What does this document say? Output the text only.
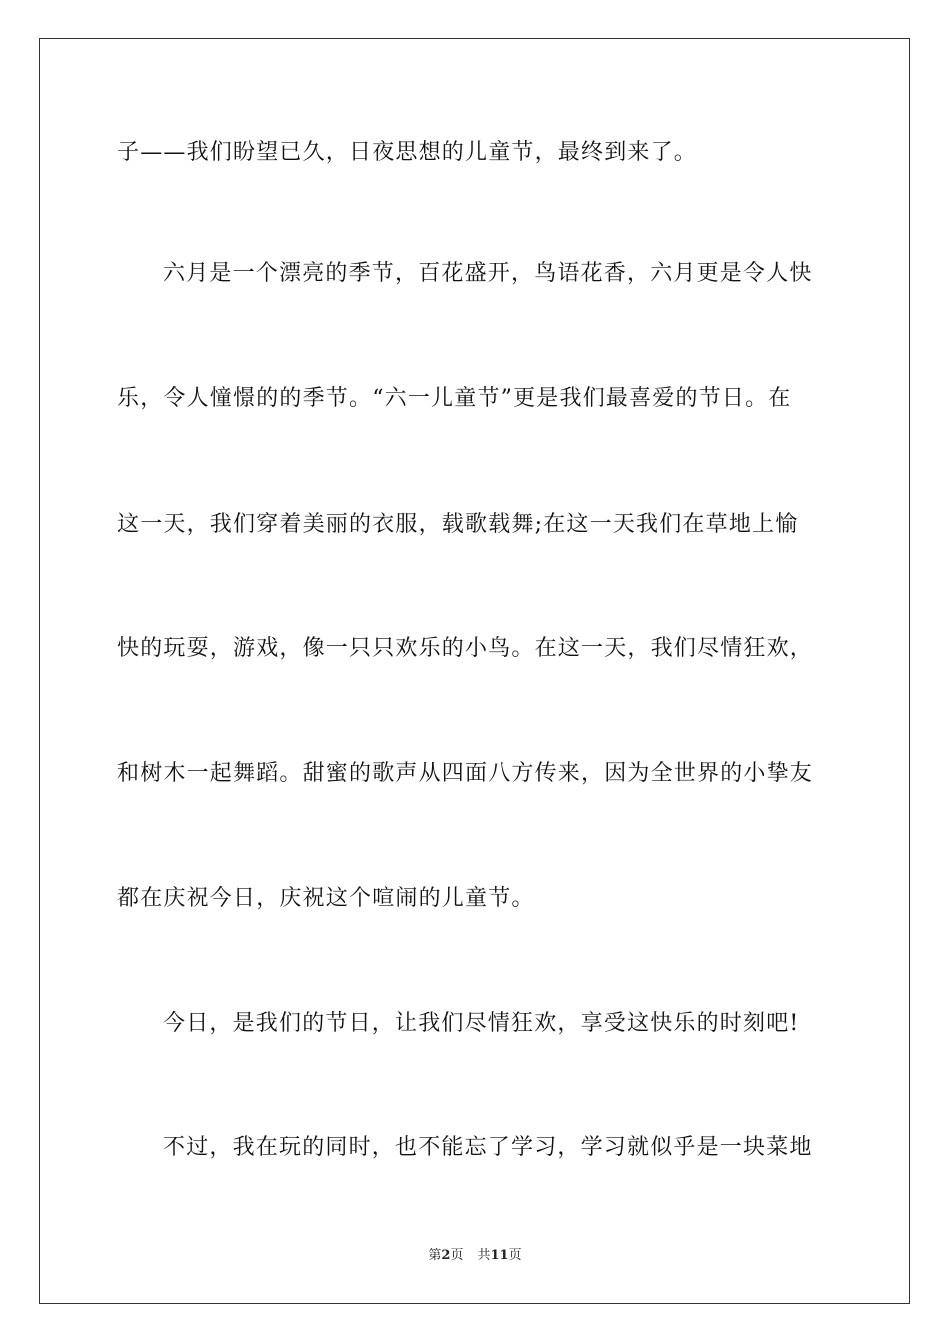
子——我们盼望已久，日夜思想的儿童节，最终到来了。
六月是一个漂亮的季节，百花盛开，鸟语花香，六月更是令人快
乐，令人憧憬的的季节。“六一儿童节”更是我们最喜爱的节日。在
这一天，我们穿着美丽的衣服，载歌载舞;在这一天我们在草地上愉
快的玩耍，游戏，像一只只欢乐的小鸟。在这一天，我们尽情狂欢，
和树木一起舞蹈。甜蜜的歌声从四面八方传来，因为全世界的小挚友
都在庆祝今日，庆祝这个喧闹的儿童节。
今日，是我们的节日，让我们尽情狂欢，享受这快乐的时刻吧!
不过，我在玩的同时，也不能忘了学习，学习就似乎是一块菜地
第2页 共11页
